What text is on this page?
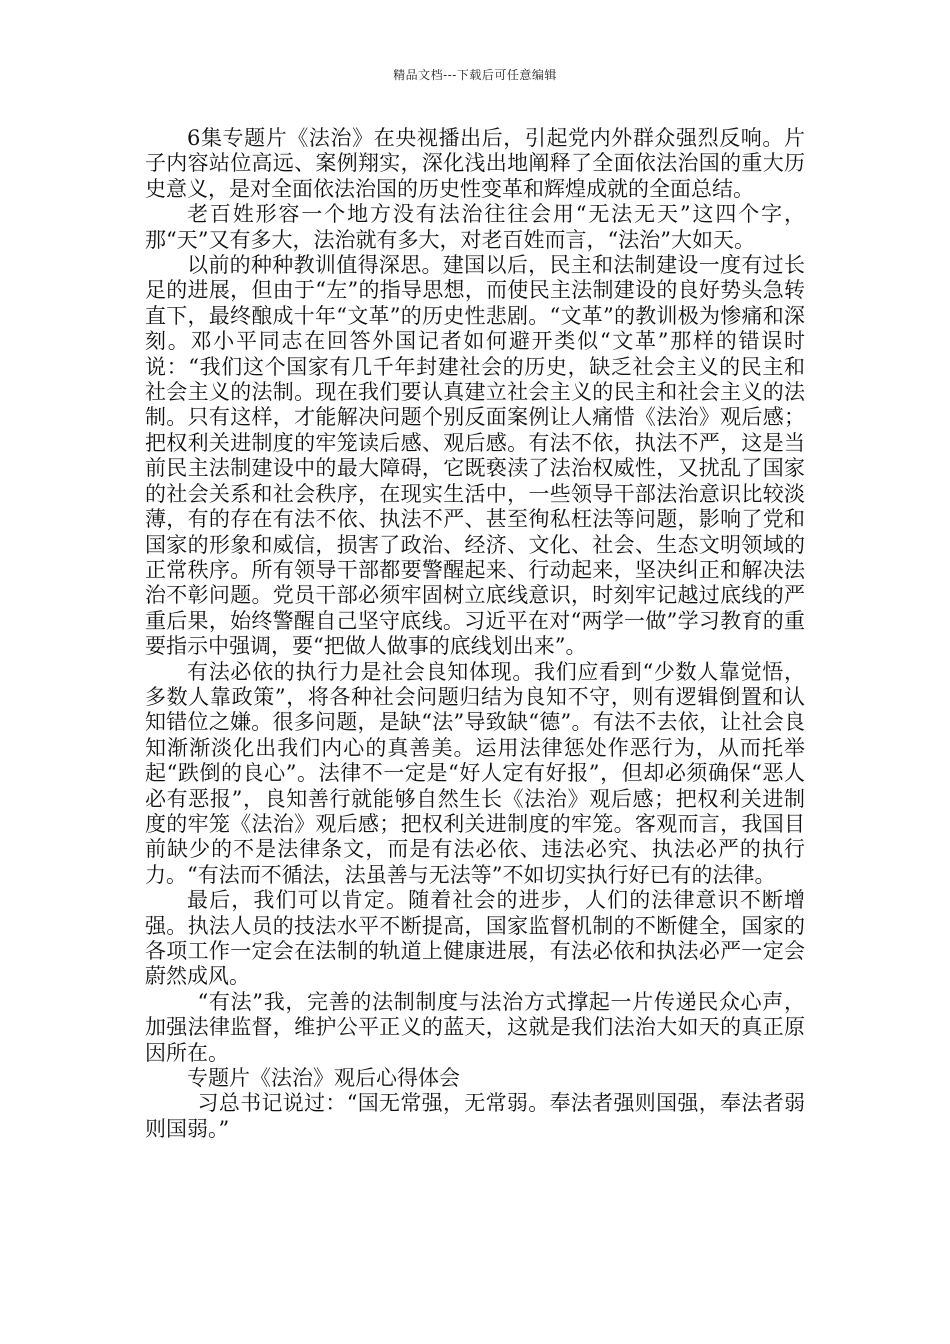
精品文档---下载后可任意编辑

6集专题片《法治》在央视播出后，引起党内外群众强烈反响。片子内容站位高远、案例翔实，深化浅出地阐释了全面依法治国的重大历史意义，是对全面依法治国的历史性变革和辉煌成就的全面总结。

老百姓形容一个地方没有法治往往会用“无法无天”这四个字，那“天”又有多大，法治就有多大，对老百姓而言，“法治”大如天。

以前的种种教训值得深思。建国以后，民主和法制建设一度有过长足的进展，但由于“左”的指导思想，而使民主法制建设的良好势头急转直下，最终酿成十年“文革”的历史性悲剧。“文革”的教训极为惨痛和深刻。邓小平同志在回答外国记者如何避开类似“文革”那样的错误时说：“我们这个国家有几千年封建社会的历史，缺乏社会主义的民主和社会主义的法制。现在我们要认真建立社会主义的民主和社会主义的法制。只有这样，才能解决问题个别反面案例让人痛惜《法治》观后感；把权利关进制度的牢笼读后感、观后感。有法不依，执法不严，这是当前民主法制建设中的最大障碍，它既亵渎了法治权威性，又扰乱了国家的社会关系和社会秩序，在现实生活中，一些领导干部法治意识比较淡薄，有的存在有法不依、执法不严、甚至徇私枉法等问题，影响了党和国家的形象和威信，损害了政治、经济、文化、社会、生态文明领域的正常秩序。所有领导干部都要警醒起来、行动起来，坚决纠正和解决法治不彰问题。党员干部必须牢固树立底线意识，时刻牢记越过底线的严重后果，始终警醒自己坚守底线。习近平在对“两学一做”学习教育的重要指示中强调，要“把做人做事的底线划出来”。

有法必依的执行力是社会良知体现。我们应看到“少数人靠觉悟，多数人靠政策”，将各种社会问题归结为良知不守，则有逻辑倒置和认知错位之嫌。很多问题，是缺“法”导致缺“德”。有法不去依，让社会良知渐渐淡化出我们内心的真善美。运用法律惩处作恶行为，从而托举起“跌倒的良心”。法律不一定是“好人定有好报”，但却必须确保“恶人必有恶报”，良知善行就能够自然生长《法治》观后感；把权利关进制度的牢笼《法治》观后感；把权利关进制度的牢笼。客观而言，我国目前缺少的不是法律条文，而是有法必依、违法必究、执法必严的执行力。“有法而不循法，法虽善与无法等”不如切实执行好已有的法律。

最后，我们可以肯定。随着社会的进步，人们的法律意识不断增强。执法人员的技法水平不断提高，国家监督机制的不断健全，国家的各项工作一定会在法制的轨道上健康进展，有法必依和执法必严一定会蔚然成风。

“有法”我，完善的法制制度与法治方式撑起一片传递民众心声，加强法律监督，维护公平正义的蓝天，这就是我们法治大如天的真正原因所在。

专题片《法治》观后心得体会

习总书记说过：“国无常强，无常弱。奉法者强则国强，奉法者弱则国弱。”
